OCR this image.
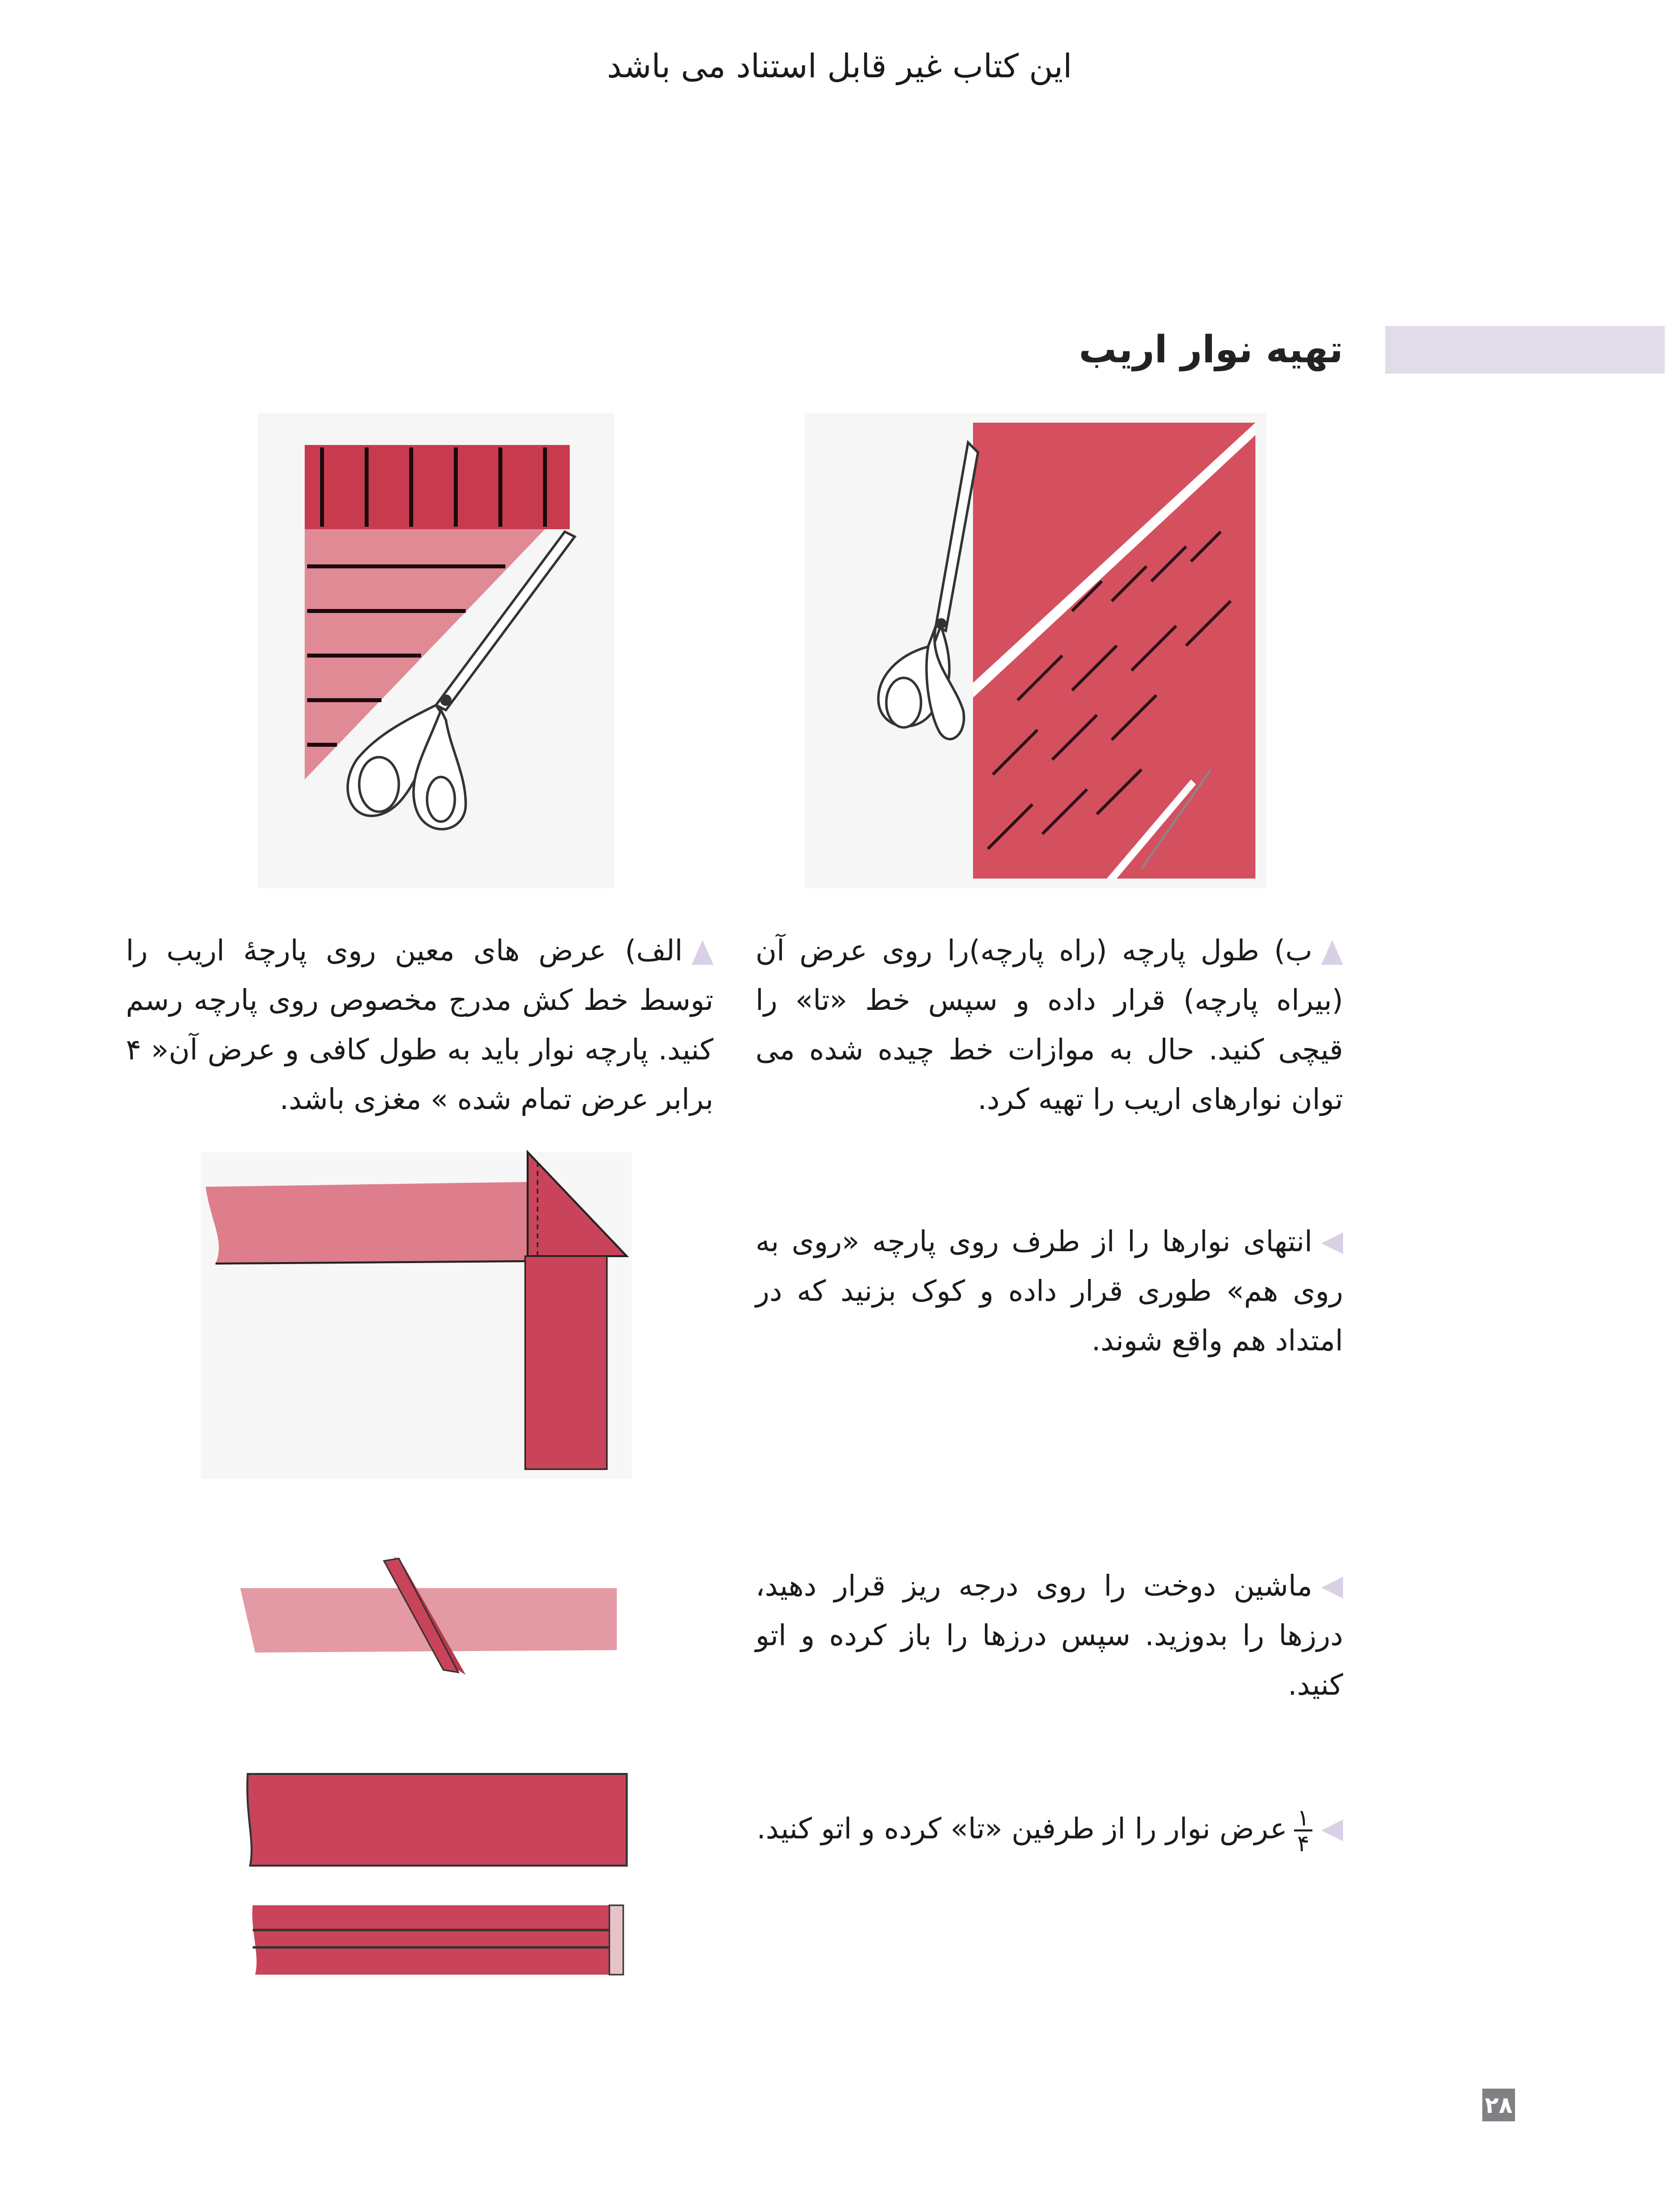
این کتاب غیر قابل استناد می باشد
تهیه نوار اریب
ب) طول پارچه (راه پارچه)را روی عرض آن (بیراه پارچه) قرار داده و سپس خط «تا» را قیچی کنید. حال به موازات خط چیده شده می توان نوارهای اریب را تهیه کرد.
الف) عرض های معین روی پارچهٔ اریب را توسط خط کش مدرج مخصوص روی پارچه رسم کنید. پارچه نوار باید به طول کافی و عرض آن« ۴ برابر عرض تمام شده » مغزی باشد.
انتهای نوارها را از طرف روی پارچه «روی به روی هم» طوری قرار داده و کوک بزنید که در امتداد هم واقع شوند.
ماشین دوخت را روی درجه ریز قرار دهید، درزها را بدوزید. سپس درزها را باز کرده و اتو کنید.
$\frac{۱}{۴}$
عرض نوار را از طرفین «تا» کرده و اتو کنید.
۲۸
